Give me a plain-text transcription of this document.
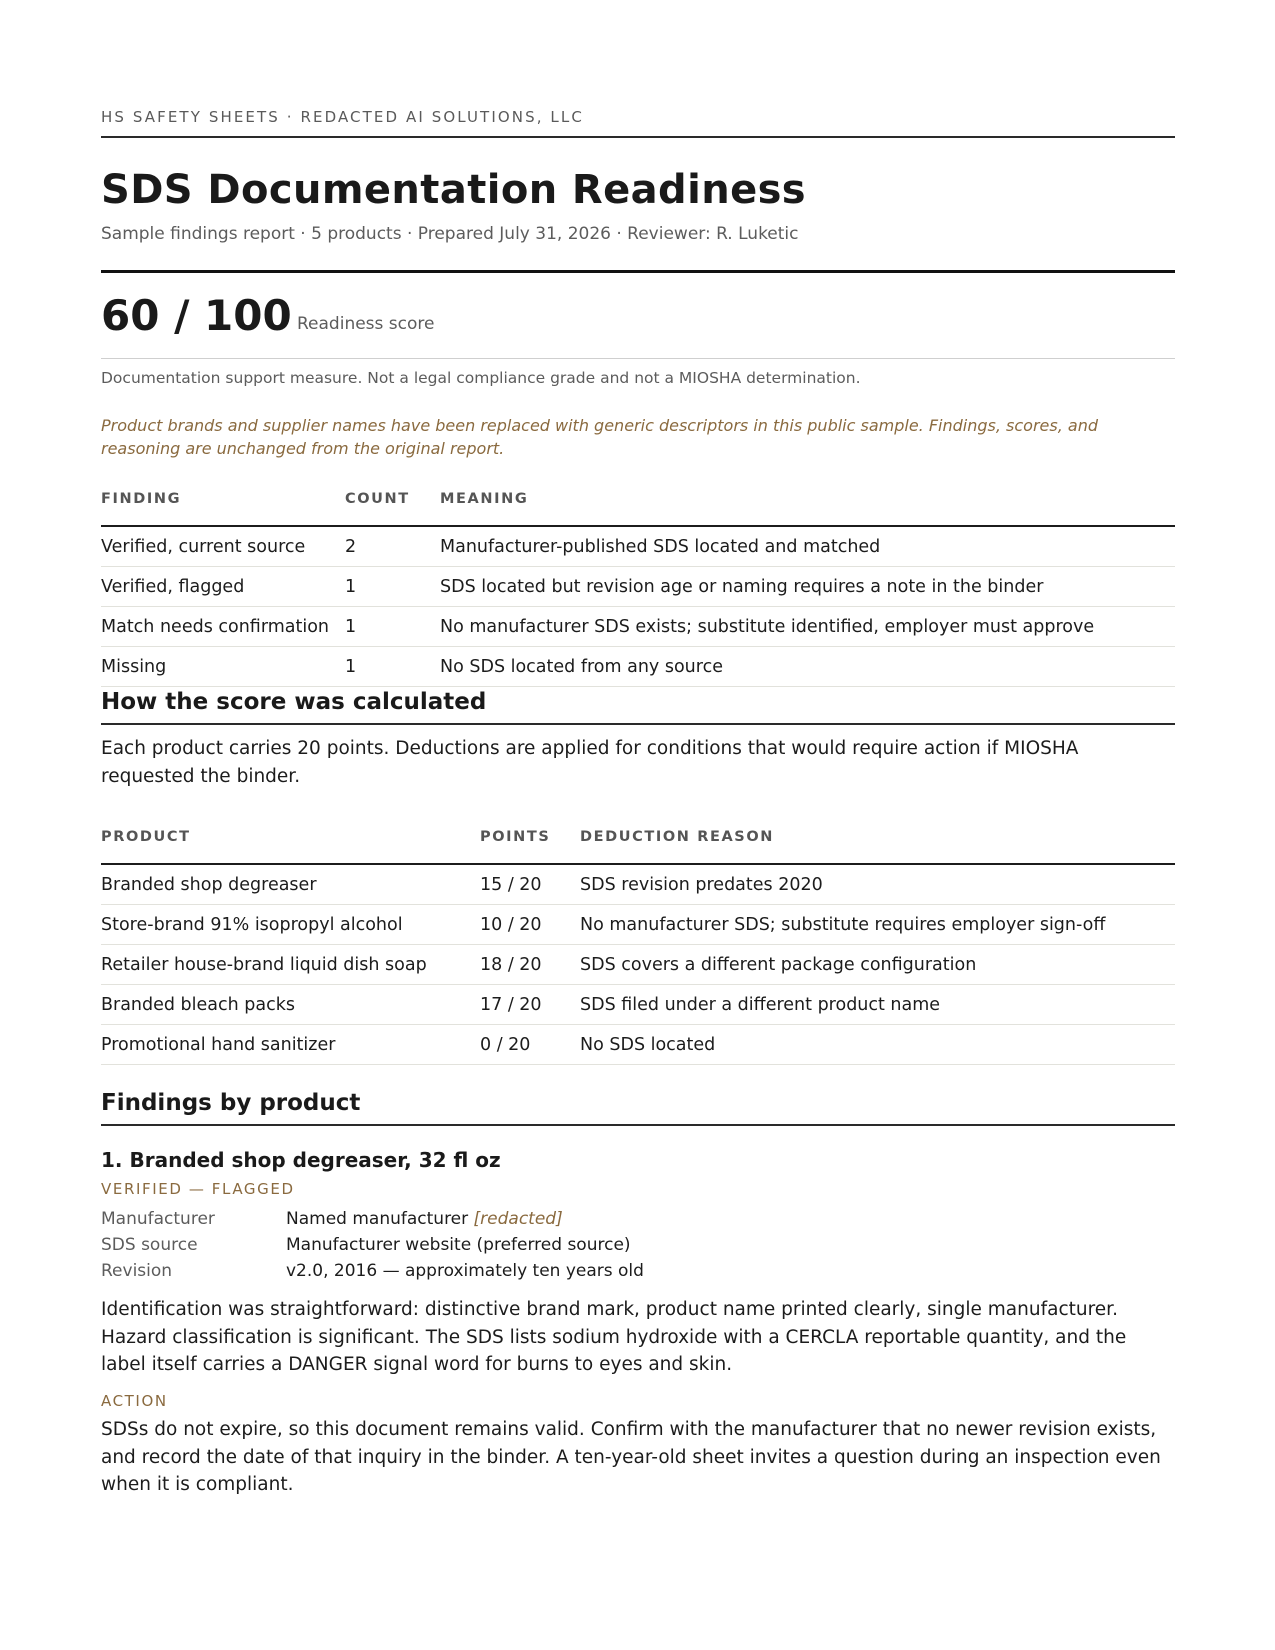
HS SAFETY SHEETS · REDACTED AI SOLUTIONS, LLC
SDS Documentation Readiness
Sample findings report · 5 products · Prepared July 31, 2026 · Reviewer: R. Luketic
60 / 100 Readiness score
Documentation support measure. Not a legal compliance grade and not a MIOSHA determination.
Product brands and supplier names have been replaced with generic descriptors in this public sample. Findings, scores, and reasoning are unchanged from the original report.
FINDING	COUNT	MEANING
Verified, current source	2	Manufacturer-published SDS located and matched
Verified, flagged	1	SDS located but revision age or naming requires a note in the binder
Match needs confirmation	1	No manufacturer SDS exists; substitute identified, employer must approve
Missing	1	No SDS located from any source
How the score was calculated
Each product carries 20 points. Deductions are applied for conditions that would require action if MIOSHA requested the binder.
PRODUCT	POINTS	DEDUCTION REASON
Branded shop degreaser	15 / 20	SDS revision predates 2020
Store-brand 91% isopropyl alcohol	10 / 20	No manufacturer SDS; substitute requires employer sign-off
Retailer house-brand liquid dish soap	18 / 20	SDS covers a different package configuration
Branded bleach packs	17 / 20	SDS filed under a different product name
Promotional hand sanitizer	0 / 20	No SDS located
Findings by product
1. Branded shop degreaser, 32 fl oz
VERIFIED — FLAGGED
Manufacturer	Named manufacturer [redacted]
SDS source	Manufacturer website (preferred source)
Revision	v2.0, 2016 — approximately ten years old
Identification was straightforward: distinctive brand mark, product name printed clearly, single manufacturer. Hazard classification is significant. The SDS lists sodium hydroxide with a CERCLA reportable quantity, and the label itself carries a DANGER signal word for burns to eyes and skin.
ACTION
SDSs do not expire, so this document remains valid. Confirm with the manufacturer that no newer revision exists, and record the date of that inquiry in the binder. A ten-year-old sheet invites a question during an inspection even when it is compliant.
